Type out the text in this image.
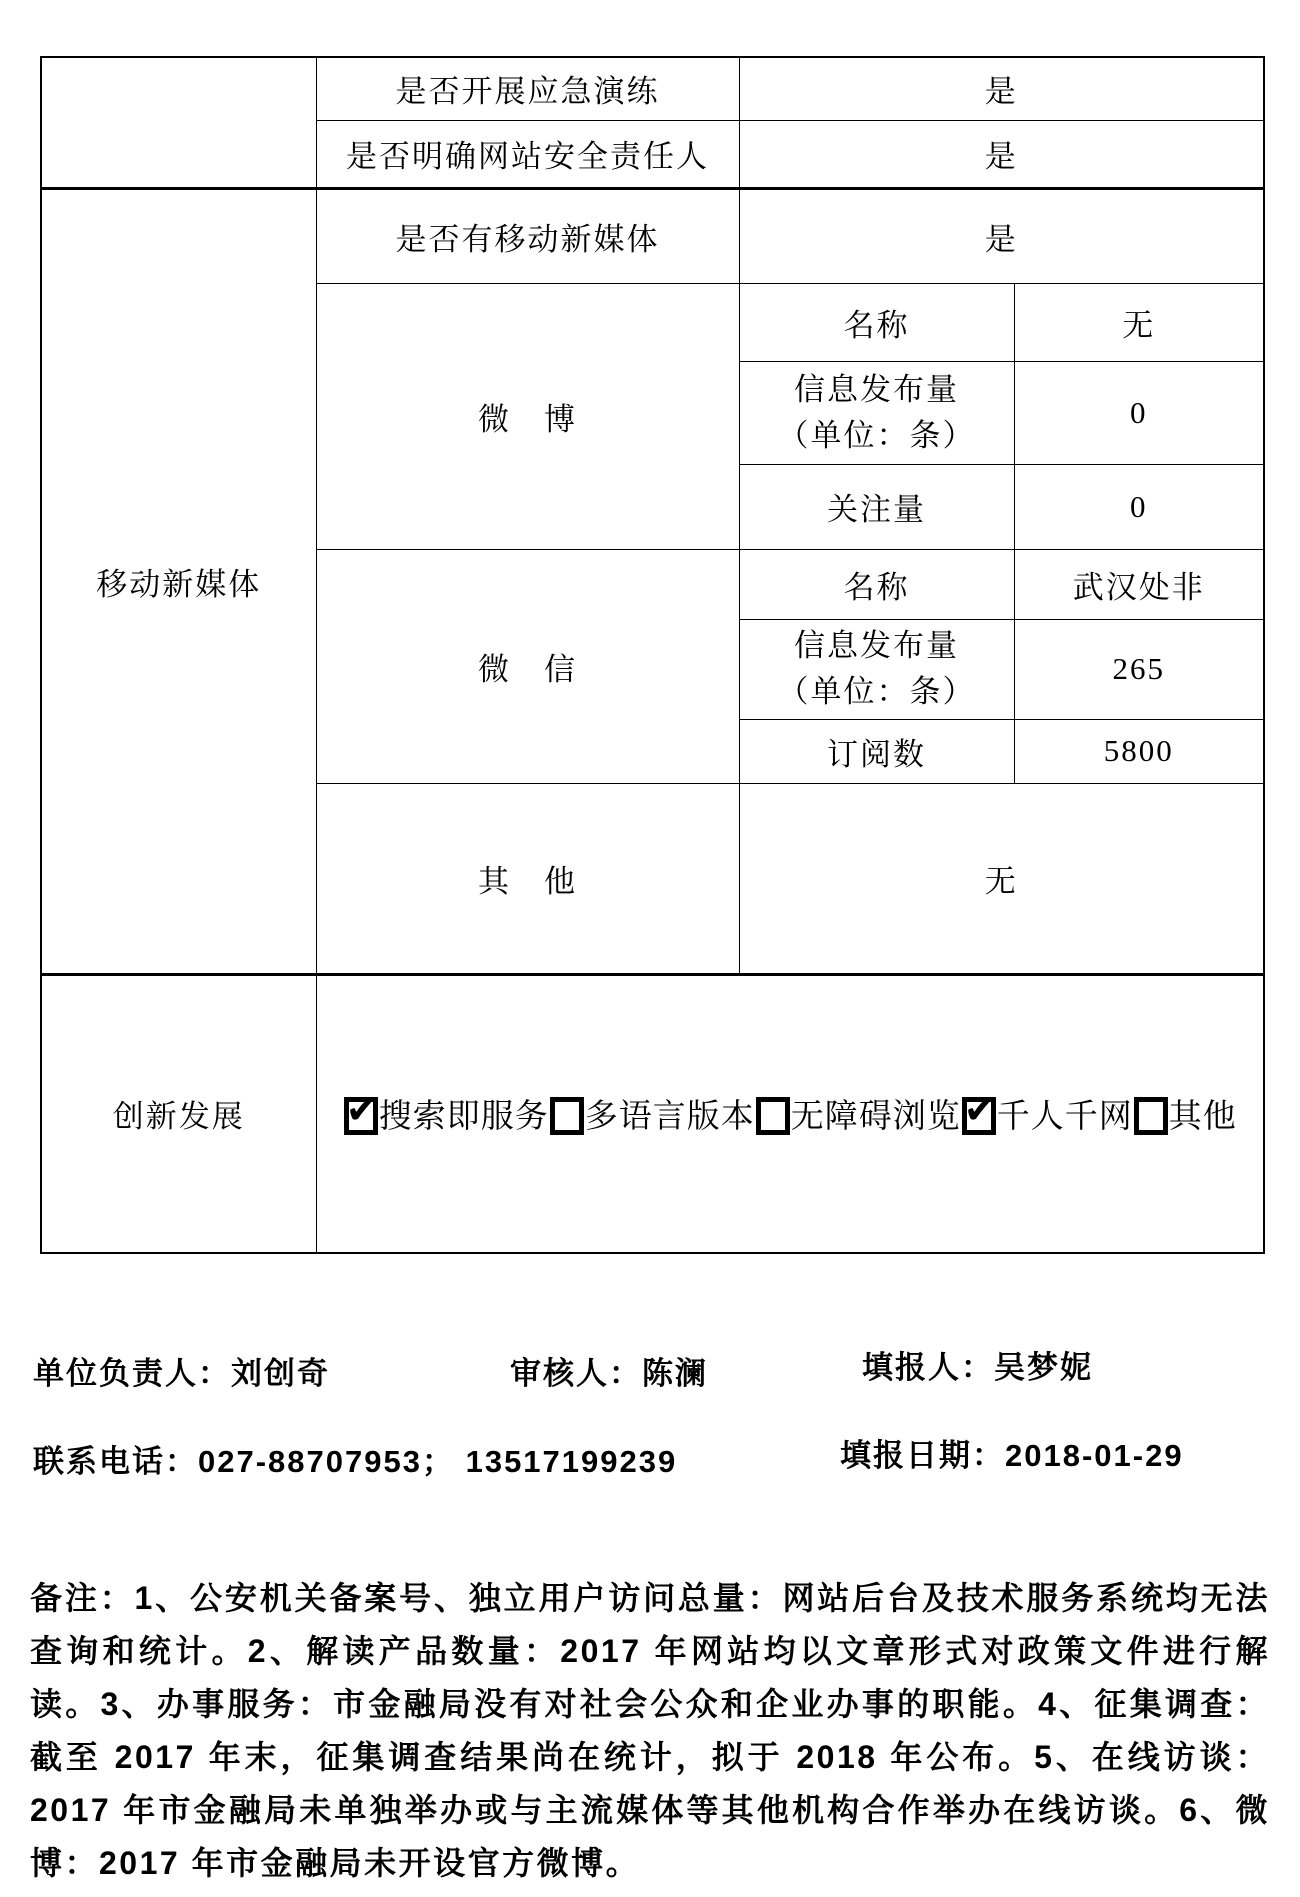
	是否开展应急演练	是	
	是否明确网站安全责任人	是	
移动新媒体	是否有移动新媒体	是	
	微　博	名称	无

		信息发布量
（单位：条）	0
		关注量	0
	微　信	名称	武汉处非

		信息发布量
（单位：条）	265
		订阅数	5800
	其　他	无	
创新发展	✔搜索即服务 多语言版本 无障碍浏览 ✔ 千人千网 其他
单位负责人：刘创奇	审核人：陈澜	填报人：吴梦妮
联系电话：027-88707953； 13517199239	填报日期：2018-01-29
备注：1、公安机关备案号、独立用户访问总量：网站后台及技术服务系统均无法查询和统计。2、解读产品数量：2017 年网站均以文章形式对政策文件进行解读。3、办事服务：市金融局没有对社会公众和企业办事的职能。4、征集调查：截至 2017 年末，征集调查结果尚在统计，拟于 2018 年公布。5、在线访谈：2017 年市金融局未单独举办或与主流媒体等其他机构合作举办在线访谈。6、微博：2017 年市金融局未开设官方微博。
